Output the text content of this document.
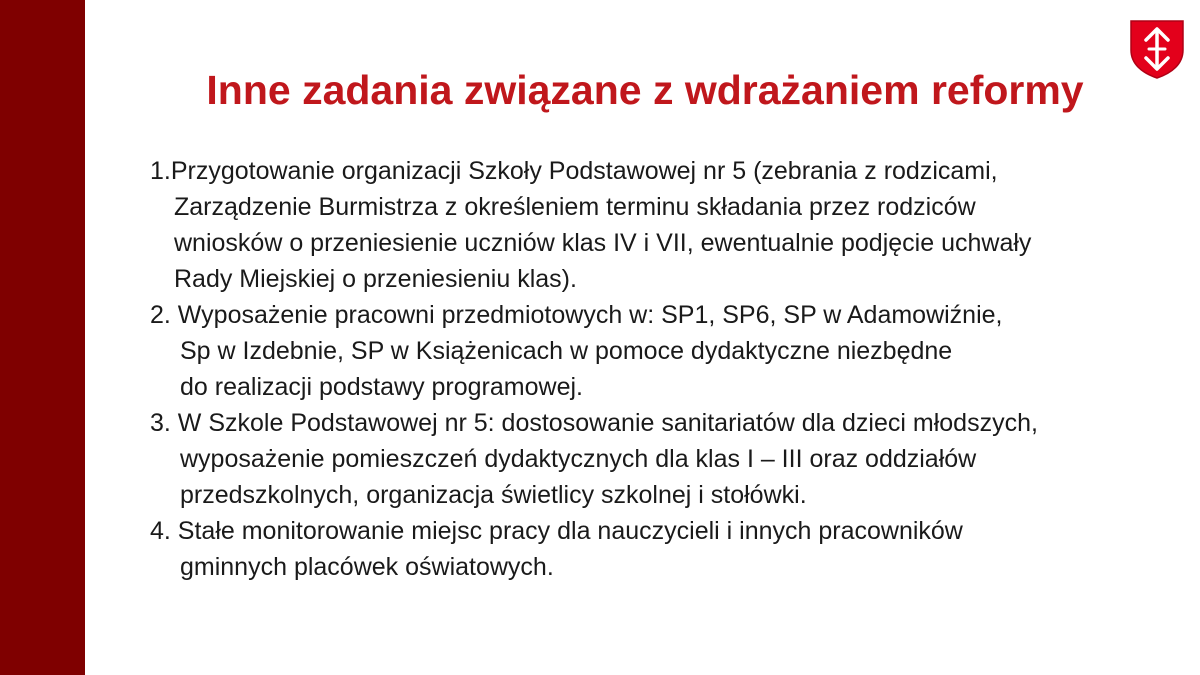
Inne zadania związane z wdrażaniem reformy
1.Przygotowanie organizacji Szkoły Podstawowej nr 5 (zebrania z rodzicami,
Zarządzenie Burmistrza z określeniem terminu składania przez rodziców
wniosków o przeniesienie uczniów klas IV i VII, ewentualnie podjęcie uchwały
Rady Miejskiej o przeniesieniu klas).
2. Wyposażenie pracowni przedmiotowych w: SP1, SP6, SP w Adamowiźnie,
Sp w Izdebnie, SP w Książenicach w pomoce dydaktyczne niezbędne
do realizacji podstawy programowej.
3. W Szkole Podstawowej nr 5: dostosowanie sanitariatów dla dzieci młodszych,
wyposażenie pomieszczeń dydaktycznych dla klas I – III oraz oddziałów
przedszkolnych, organizacja świetlicy szkolnej i stołówki.
4. Stałe monitorowanie miejsc pracy dla nauczycieli i innych pracowników
gminnych placówek oświatowych.
